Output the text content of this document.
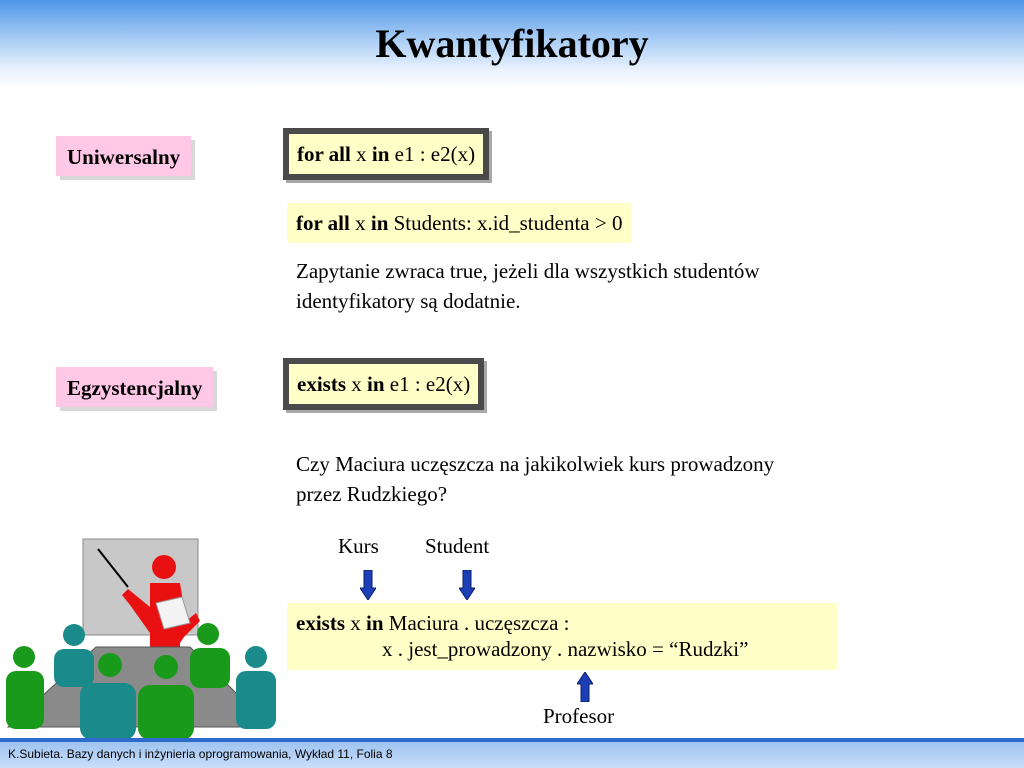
Kwantyfikatory
Uniwersalny	for all x in e1 : e2(x)
for all x in Students: x.id_studenta > 0
Zapytanie zwraca true, jeżeli dla wszystkich studentów
identyfikatory są dodatnie.
Egzystencjalny	exists x in e1 : e2(x)
Czy Maciura uczęszcza na jakikolwiek kurs prowadzony
przez Rudzkiego?
Kurs Student
exists x in Maciura . uczęszcza :
x . jest_prowadzony . nazwisko = “Rudzki”
Profesor
K.Subieta. Bazy danych i inżynieria oprogramowania, Wykład 11, Folia 8
